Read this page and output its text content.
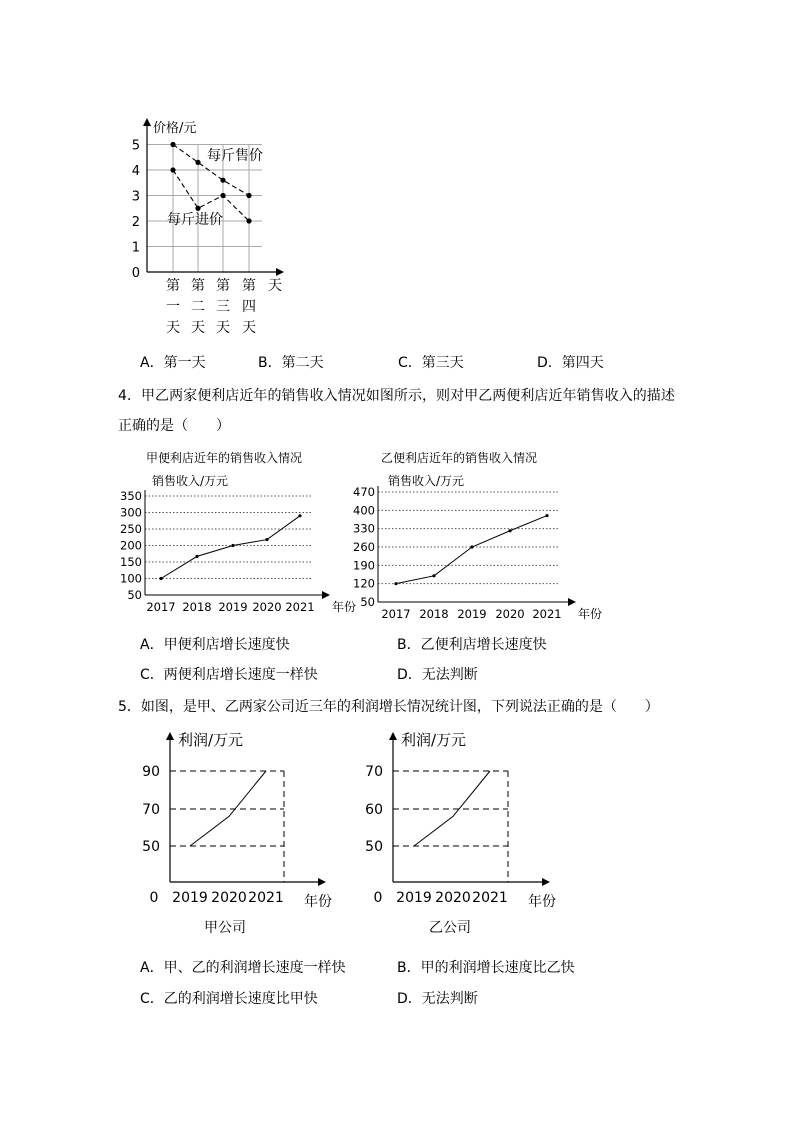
0
1
2
3
4
5
价格/元
天
第
一
天
第
二
天
第
三
天
第
四
天
每斤售价
每斤进价
A．第一天	B．第二天	C．第三天	D．第四天
4．甲乙两家便利店近年的销售收入情况如图所示，则对甲乙两便利店近年销售收入的描述
正确的是（　　）
甲便利店近年的销售收入情况
销售收入/万元
50
100
150
200
250
300
350
2017 2018 2019 2020 2021 年份
乙便利店近年的销售收入情况
销售收入/万元
50
120
190
260
330
400
470
2017 2018 2019 2020 2021 年份
A．甲便利店增长速度快	B．乙便利店增长速度快
C．两便利店增长速度一样快	D．无法判断
5．如图，是甲、乙两家公司近三年的利润增长情况统计图，下列说法正确的是（　　）
利润/万元
50
70
90
0 2019 2020 2021 年份
甲公司
利润/万元
50
60
70
0 2019 2020 2021 年份
乙公司
A．甲、乙的利润增长速度一样快	B．甲的利润增长速度比乙快
C．乙的利润增长速度比甲快	D．无法判断
